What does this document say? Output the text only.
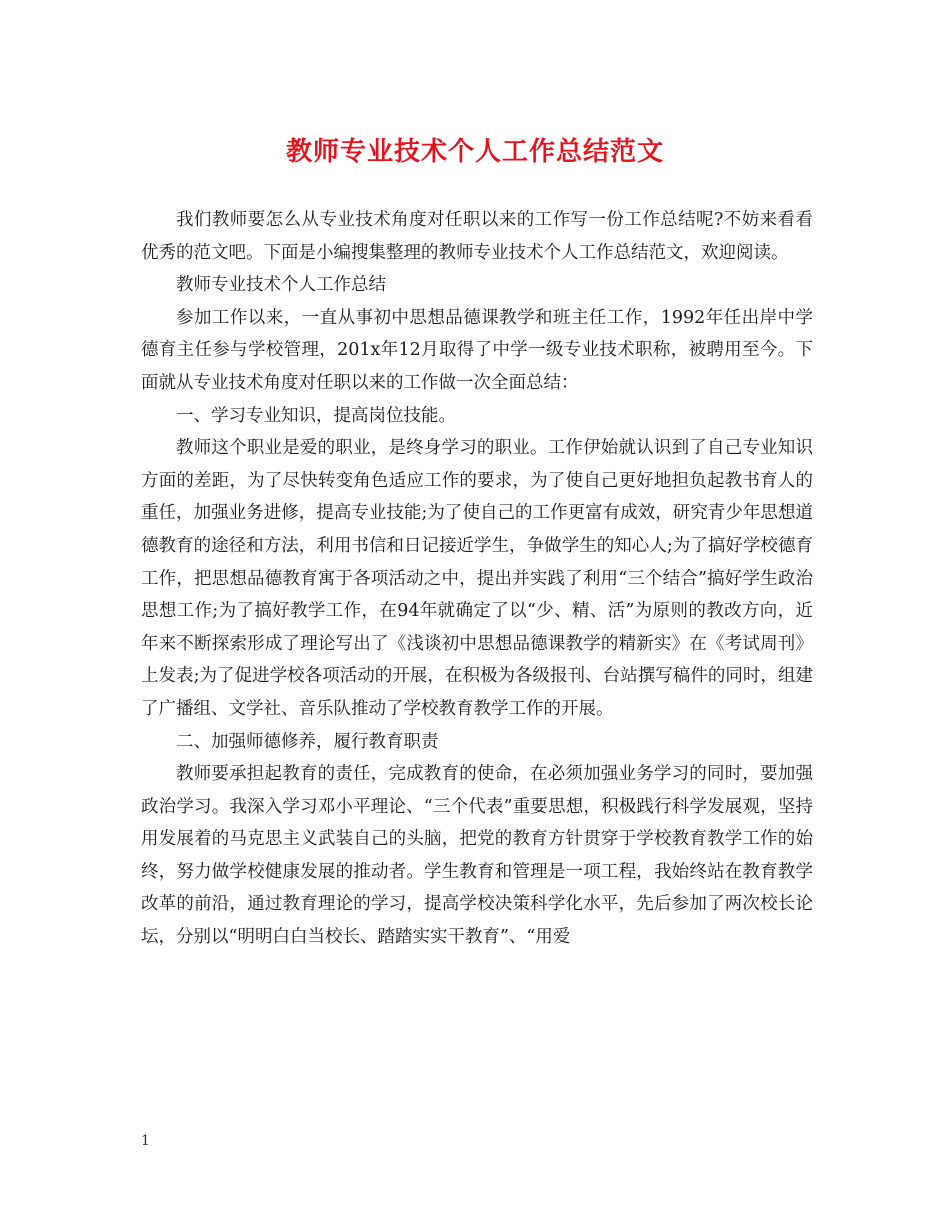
教师专业技术个人工作总结范文

我们教师要怎么从专业技术角度对任职以来的工作写一份工作总结呢?不妨来看看优秀的范文吧。下面是小编搜集整理的教师专业技术个人工作总结范文，欢迎阅读。

教师专业技术个人工作总结

参加工作以来，一直从事初中思想品德课教学和班主任工作，1992年任出岸中学德育主任参与学校管理，201x年12月取得了中学一级专业技术职称，被聘用至今。下面就从专业技术角度对任职以来的工作做一次全面总结：

一、学习专业知识，提高岗位技能。

教师这个职业是爱的职业，是终身学习的职业。工作伊始就认识到了自己专业知识方面的差距，为了尽快转变角色适应工作的要求，为了使自己更好地担负起教书育人的重任，加强业务进修，提高专业技能;为了使自己的工作更富有成效，研究青少年思想道德教育的途径和方法，利用书信和日记接近学生，争做学生的知心人;为了搞好学校德育工作，把思想品德教育寓于各项活动之中，提出并实践了利用“三个结合”搞好学生政治思想工作;为了搞好教学工作，在94年就确定了以“少、精、活”为原则的教改方向，近年来不断探索形成了理论写出了《浅谈初中思想品德课教学的精新实》在《考试周刊》上发表;为了促进学校各项活动的开展，在积极为各级报刊、台站撰写稿件的同时，组建了广播组、文学社、音乐队推动了学校教育教学工作的开展。

二、加强师德修养，履行教育职责

教师要承担起教育的责任，完成教育的使命，在必须加强业务学习的同时，要加强政治学习。我深入学习邓小平理论、“三个代表”重要思想，积极践行科学发展观，坚持用发展着的马克思主义武装自己的头脑，把党的教育方针贯穿于学校教育教学工作的始终，努力做学校健康发展的推动者。学生教育和管理是一项工程，我始终站在教育教学改革的前沿，通过教育理论的学习，提高学校决策科学化水平，先后参加了两次校长论坛，分别以“明明白白当校长、踏踏实实干教育”、“用爱

1
